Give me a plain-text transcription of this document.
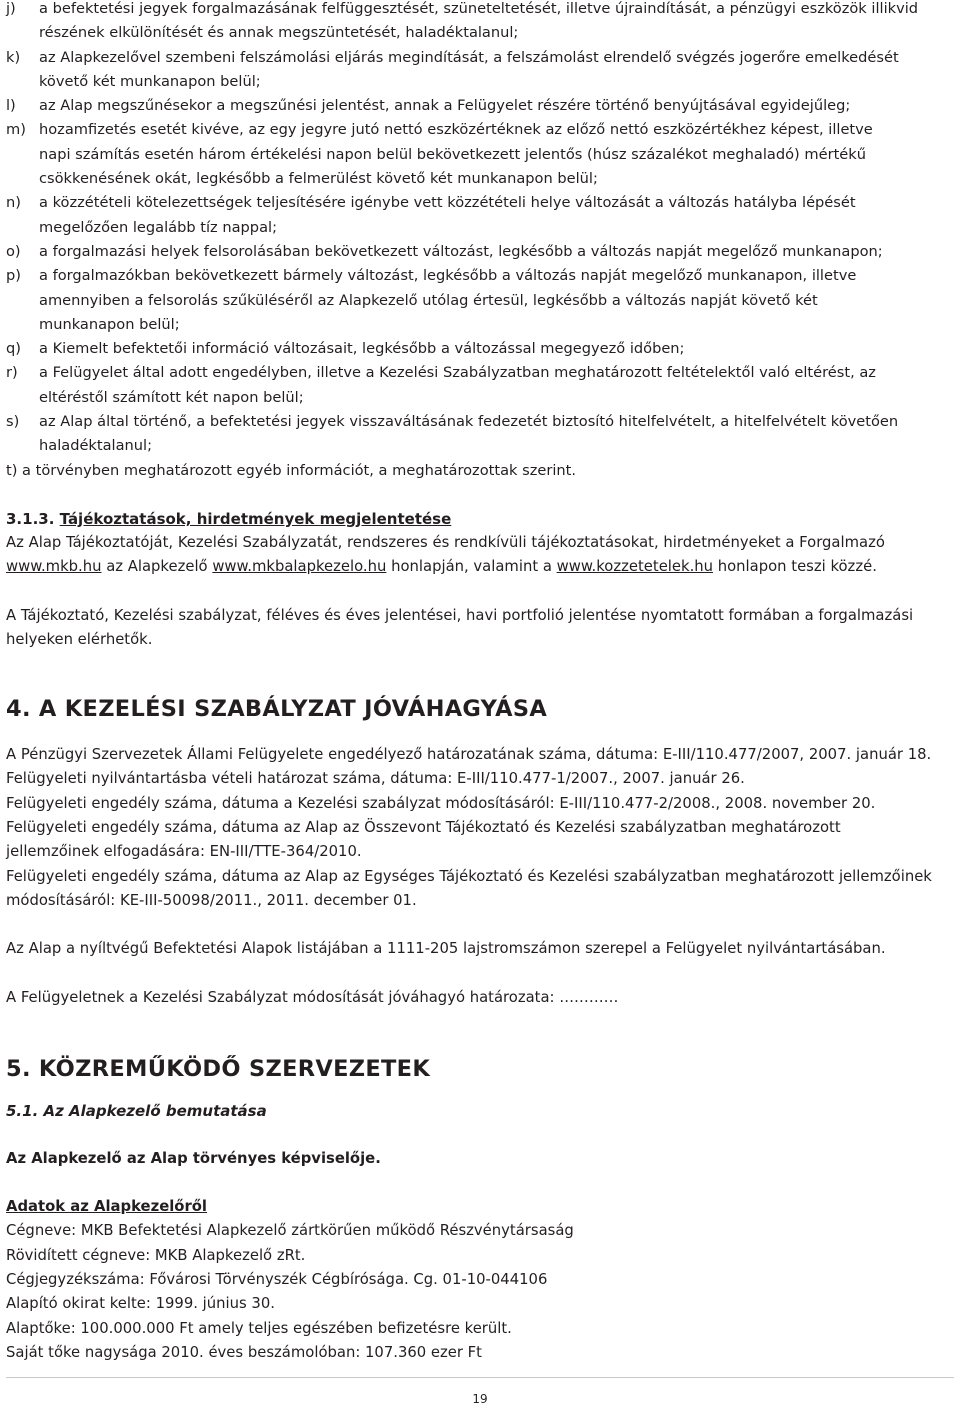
j)	a befektetési jegyek forgalmazásának felfüggesztését, szüneteltetését, illetve újraindítását, a pénzügyi eszközök illikvid
részének elkülönítését és annak megszüntetését, haladéktalanul;
k)	az Alapkezelővel szembeni felszámolási eljárás megindítását, a felszámolást elrendelő svégzés jogerőre emelkedését
követő két munkanapon belül;
l)	az Alap megszűnésekor a megszűnési jelentést, annak a Felügyelet részére történő benyújtásával egyidejűleg;
m) hozamfizetés esetét kivéve, az egy jegyre jutó nettó eszközértéknek az előző nettó eszközértékhez képest, illetve
napi számítás esetén három értékelési napon belül bekövetkezett jelentős (húsz százalékot meghaladó) mértékű
csökkenésének okát, legkésőbb a felmerülést követő két munkanapon belül;
n)	a közzétételi kötelezettségek teljesítésére igénybe vett közzétételi helye változását a változás hatályba lépését
megelőzően legalább tíz nappal;
o)	a forgalmazási helyek felsorolásában bekövetkezett változást, legkésőbb a változás napját megelőző munkanapon;
p)	a forgalmazókban bekövetkezett bármely változást, legkésőbb a változás napját megelőző munkanapon, illetve
amennyiben a felsorolás szűküléséről az Alapkezelő utólag értesül, legkésőbb a változás napját követő két
munkanapon belül;
q)	a Kiemelt befektetői információ változásait, legkésőbb a változással megegyező időben;
r)	a Felügyelet által adott engedélyben, illetve a Kezelési Szabályzatban meghatározott feltételektől való eltérést, az
eltéréstől számított két napon belül;
s)	az Alap által történő, a befektetési jegyek visszaváltásának fedezetét biztosító hitelfelvételt, a hitelfelvételt követően
haladéktalanul;
t) a törvényben meghatározott egyéb információt, a meghatározottak szerint.
3.1.3. Tájékoztatások, hirdetmények megjelentetése
Az Alap Tájékoztatóját, Kezelési Szabályzatát, rendszeres és rendkívüli tájékoztatásokat, hirdetményeket a Forgalmazó
www.mkb.hu az Alapkezelő www.mkbalapkezelo.hu honlapján, valamint a www.kozzetetelek.hu honlapon teszi közzé.
A Tájékoztató, Kezelési szabályzat, féléves és éves jelentései, havi portfolió jelentése nyomtatott formában a forgalmazási
helyeken elérhetők.
4. A KEZELÉSI SZABÁLYZAT JÓVÁHAGYÁSA
A Pénzügyi Szervezetek Állami Felügyelete engedélyező határozatának száma, dátuma: E-III/110.477/2007, 2007. január 18.
Felügyeleti nyilvántartásba vételi határozat száma, dátuma: E-III/110.477-1/2007., 2007. január 26.
Felügyeleti engedély száma, dátuma a Kezelési szabályzat módosításáról: E-III/110.477-2/2008., 2008. november 20.
Felügyeleti engedély száma, dátuma az Alap az Összevont Tájékoztató és Kezelési szabályzatban meghatározott
jellemzőinek elfogadására: EN-III/TTE-364/2010.
Felügyeleti engedély száma, dátuma az Alap az Egységes Tájékoztató és Kezelési szabályzatban meghatározott jellemzőinek
módosításáról: KE-III-50098/2011., 2011. december 01.
Az Alap a nyíltvégű Befektetési Alapok listájában a 1111-205 lajstromszámon szerepel a Felügyelet nyilvántartásában.
A Felügyeletnek a Kezelési Szabályzat módosítását jóváhagyó határozata: …………
5. KÖZREMŰKÖDŐ SZERVEZETEK
5.1. Az Alapkezelő bemutatása
Az Alapkezelő az Alap törvényes képviselője.
Adatok az Alapkezelőről
Cégneve: MKB Befektetési Alapkezelő zártkörűen működő Részvénytársaság
Rövidített cégneve: MKB Alapkezelő zRt.
Cégjegyzékszáma: Fővárosi Törvényszék Cégbírósága. Cg. 01-10-044106
Alapító okirat kelte: 1999. június 30.
Alaptőke: 100.000.000 Ft amely teljes egészében befizetésre került.
Saját tőke nagysága 2010. éves beszámolóban: 107.360 ezer Ft
19
